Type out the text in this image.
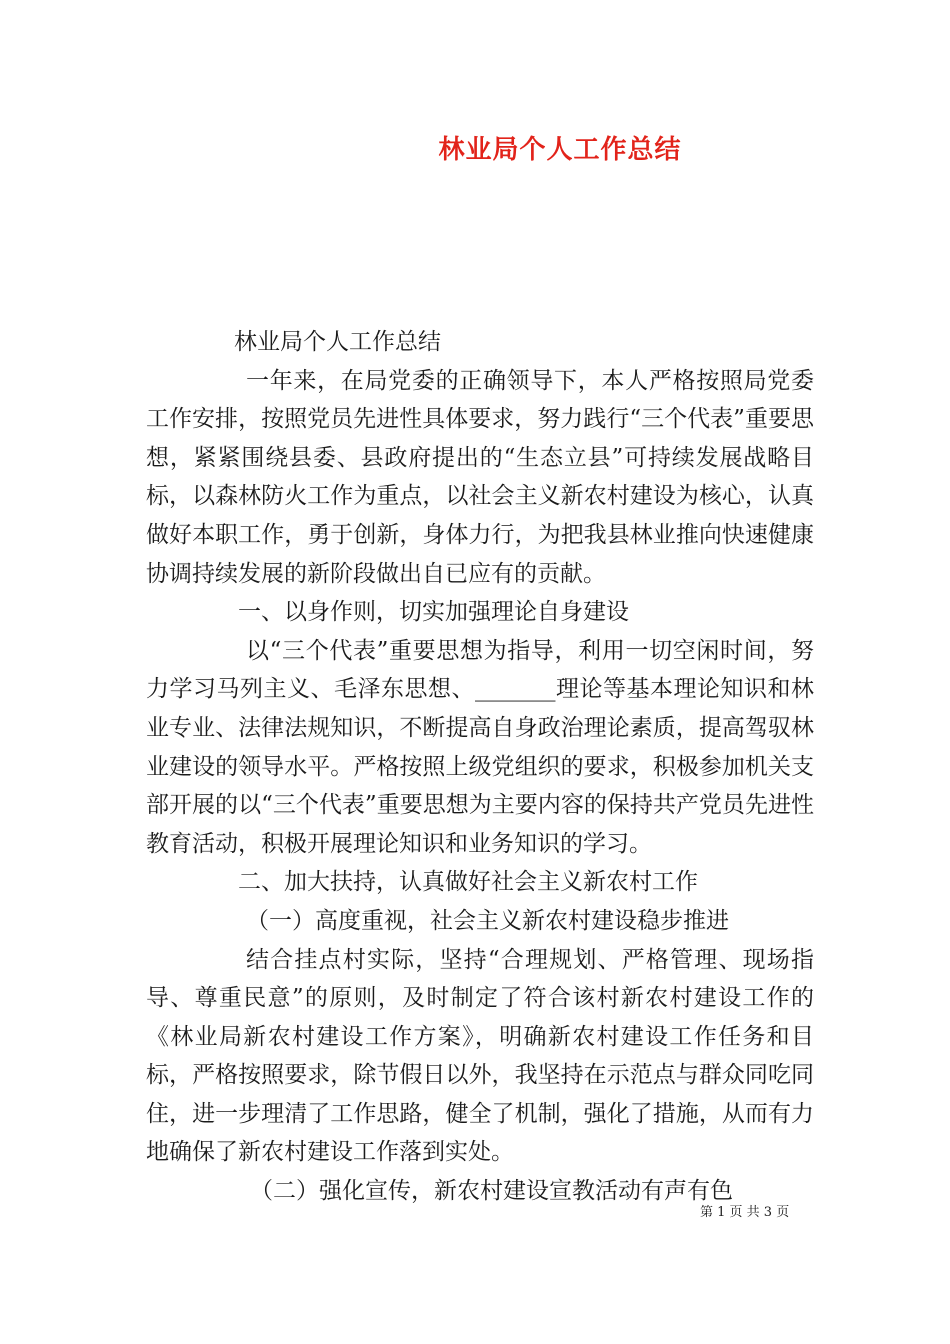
林业局个人工作总结

林业局个人工作总结

一年来，在局党委的正确领导下，本人严格按照局党委工作安排，按照党员先进性具体要求，努力践行“三个代表”重要思想，紧紧围绕县委、县政府提出的“生态立县”可持续发展战略目标，以森林防火工作为重点，以社会主义新农村建设为核心，认真做好本职工作，勇于创新，身体力行，为把我县林业推向快速健康协调持续发展的新阶段做出自已应有的贡献。

一、以身作则，切实加强理论自身建设

以“三个代表”重要思想为指导，利用一切空闲时间，努力学习马列主义、毛泽东思想、_______理论等基本理论知识和林业专业、法律法规知识，不断提高自身政治理论素质，提高驾驭林业建设的领导水平。严格按照上级党组织的要求，积极参加机关支部开展的以“三个代表”重要思想为主要内容的保持共产党员先进性教育活动，积极开展理论知识和业务知识的学习。

二、加大扶持，认真做好社会主义新农村工作

（一）高度重视，社会主义新农村建设稳步推进

结合挂点村实际，坚持“合理规划、严格管理、现场指导、尊重民意”的原则，及时制定了符合该村新农村建设工作的《林业局新农村建设工作方案》，明确新农村建设工作任务和目标，严格按照要求，除节假日以外，我坚持在示范点与群众同吃同住，进一步理清了工作思路，健全了机制，强化了措施，从而有力地确保了新农村建设工作落到实处。

（二）强化宣传，新农村建设宣教活动有声有色

第 1 页 共 3 页
